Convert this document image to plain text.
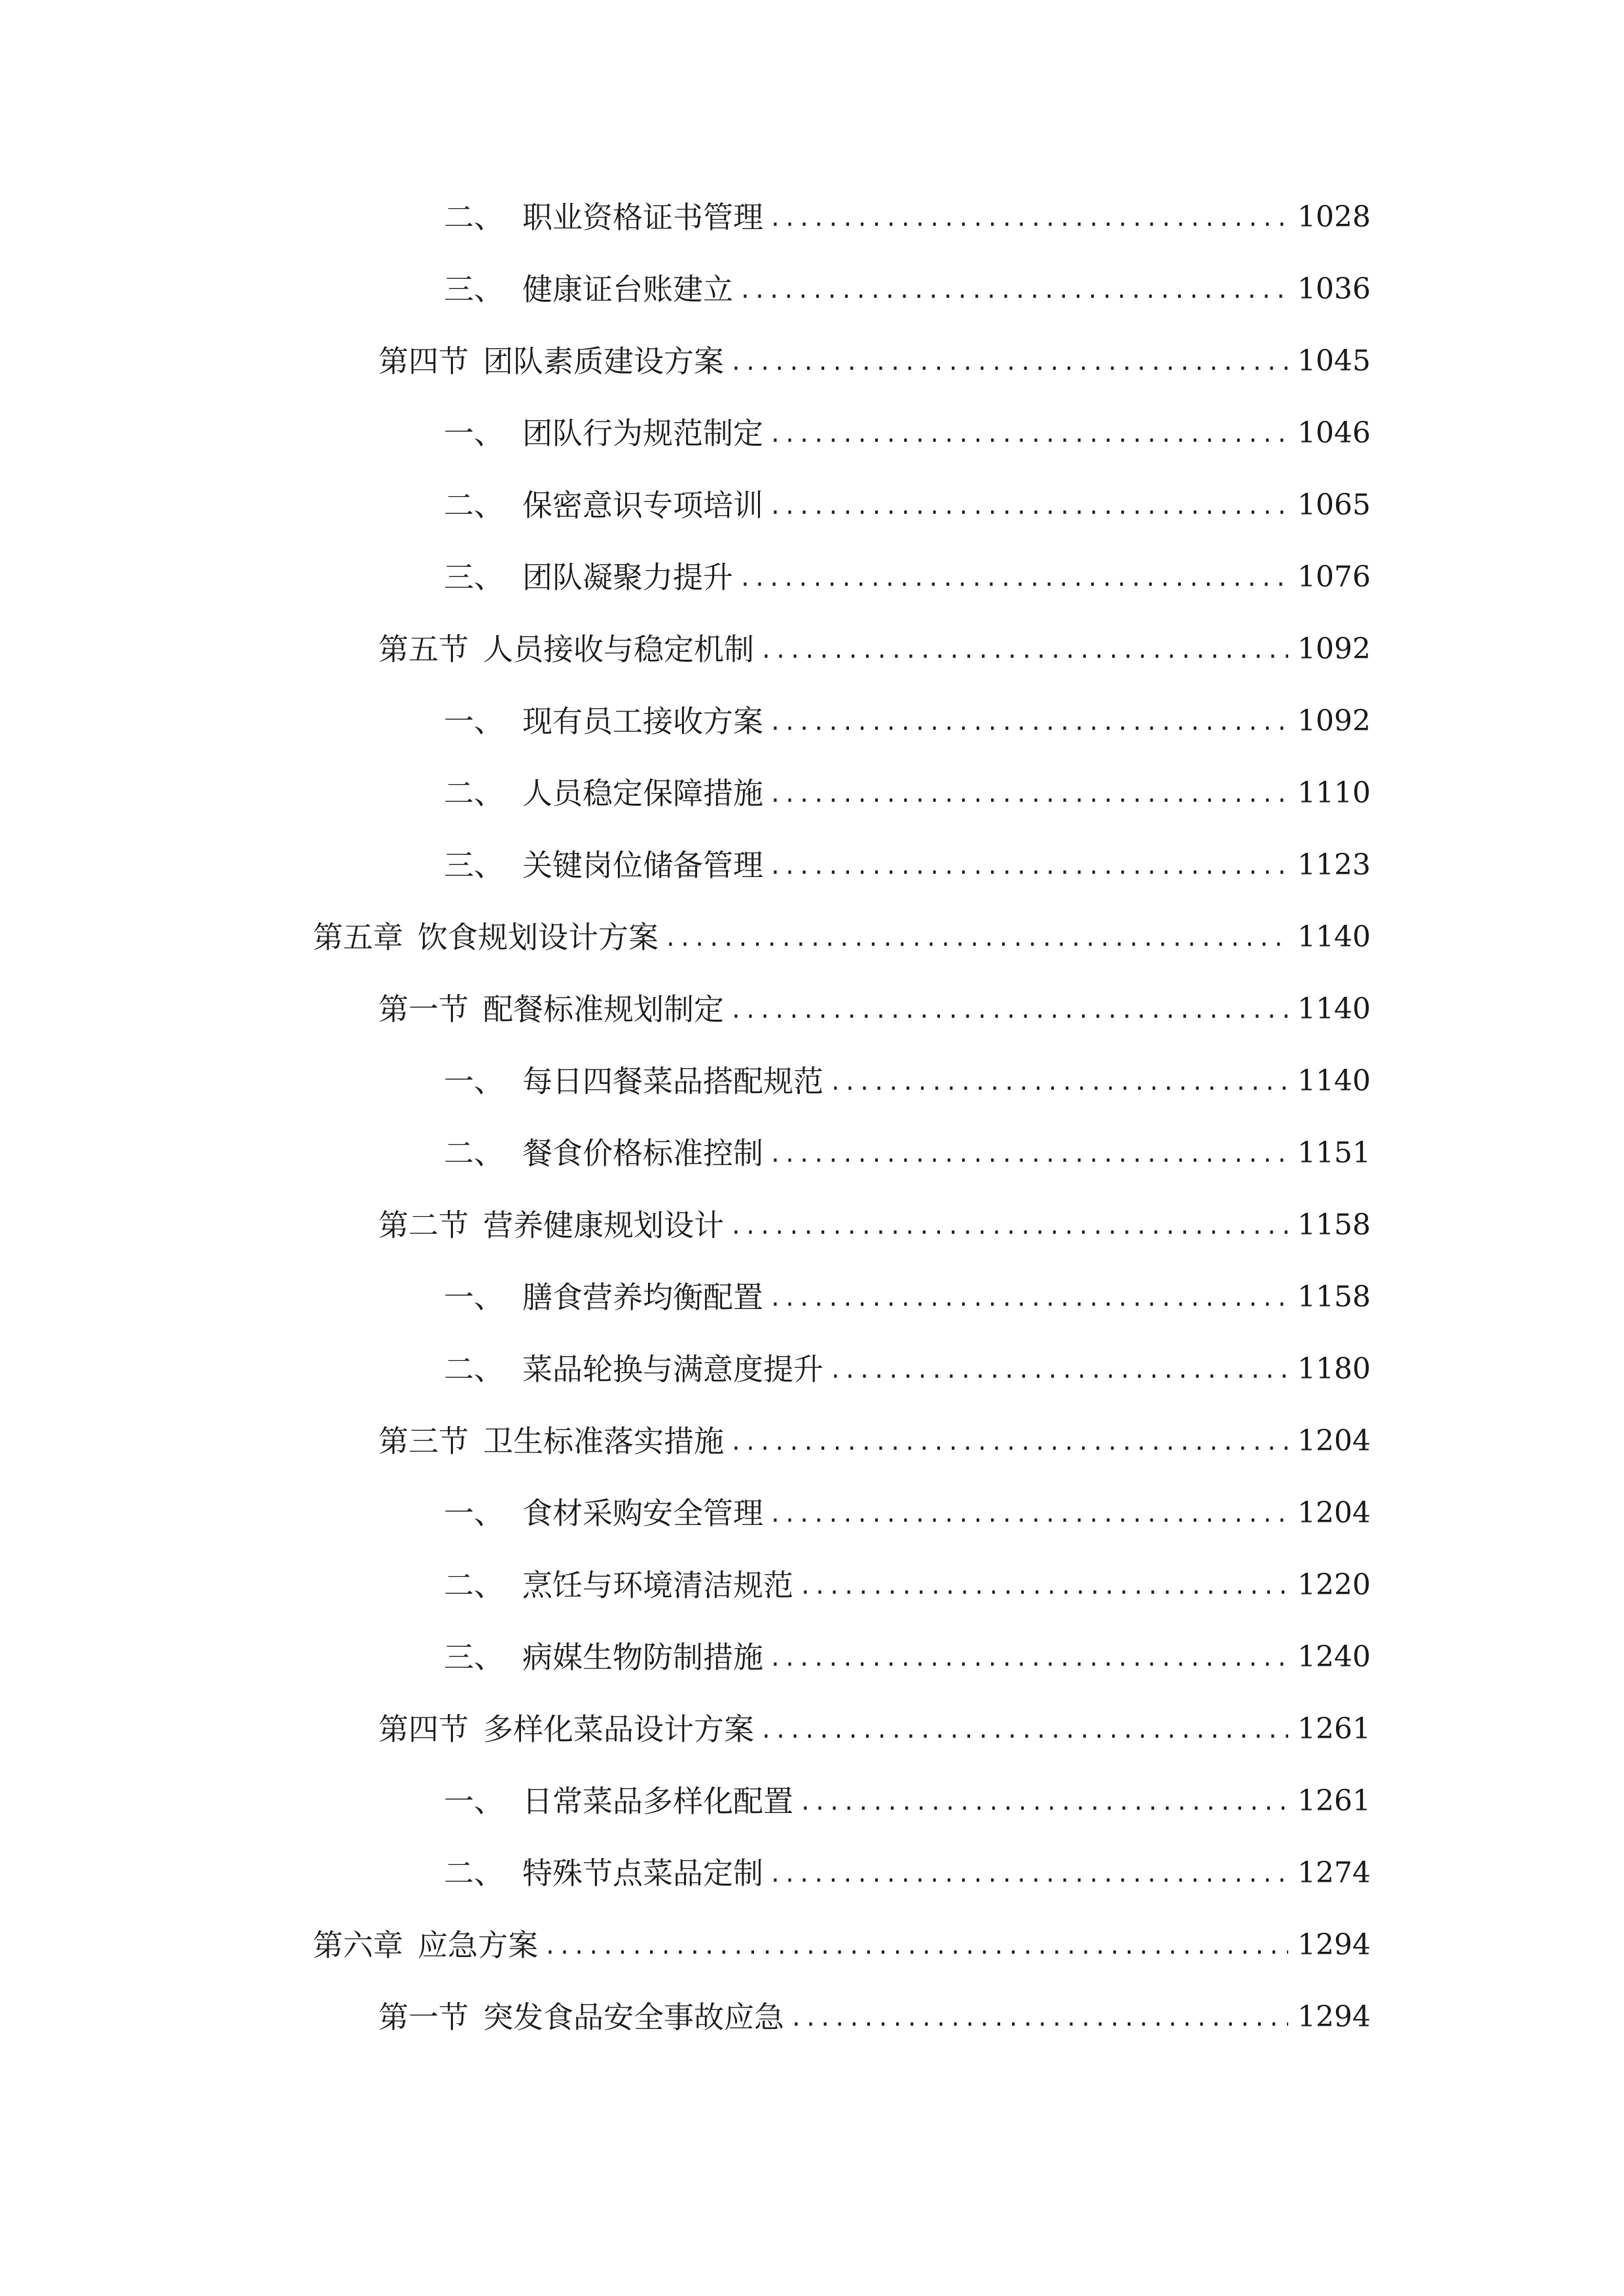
二、 职业资格证书管理 .....	1028
三、 健康证台账建立 .....	1036
第四节 团队素质建设方案 .....	1045
一、 团队行为规范制定 .....	1046
二、 保密意识专项培训 .....	1065
三、 团队凝聚力提升 .....	1076
第五节 人员接收与稳定机制 .....	1092
一、 现有员工接收方案 .....	1092
二、 人员稳定保障措施 .....	1110
三、 关键岗位储备管理 .....	1123
第五章 饮食规划设计方案 .....	1140
第一节 配餐标准规划制定 .....	1140
一、 每日四餐菜品搭配规范 .....	1140
二、 餐食价格标准控制 .....	1151
第二节 营养健康规划设计 .....	1158
一、 膳食营养均衡配置 .....	1158
二、 菜品轮换与满意度提升 .....	1180
第三节 卫生标准落实措施 .....	1204
一、 食材采购安全管理 .....	1204
二、 烹饪与环境清洁规范 .....	1220
三、 病媒生物防制措施 .....	1240
第四节 多样化菜品设计方案 .....	1261
一、 日常菜品多样化配置 .....	1261
二、 特殊节点菜品定制 .....	1274
第六章 应急方案 .....	1294
第一节 突发食品安全事故应急 .....	1294
